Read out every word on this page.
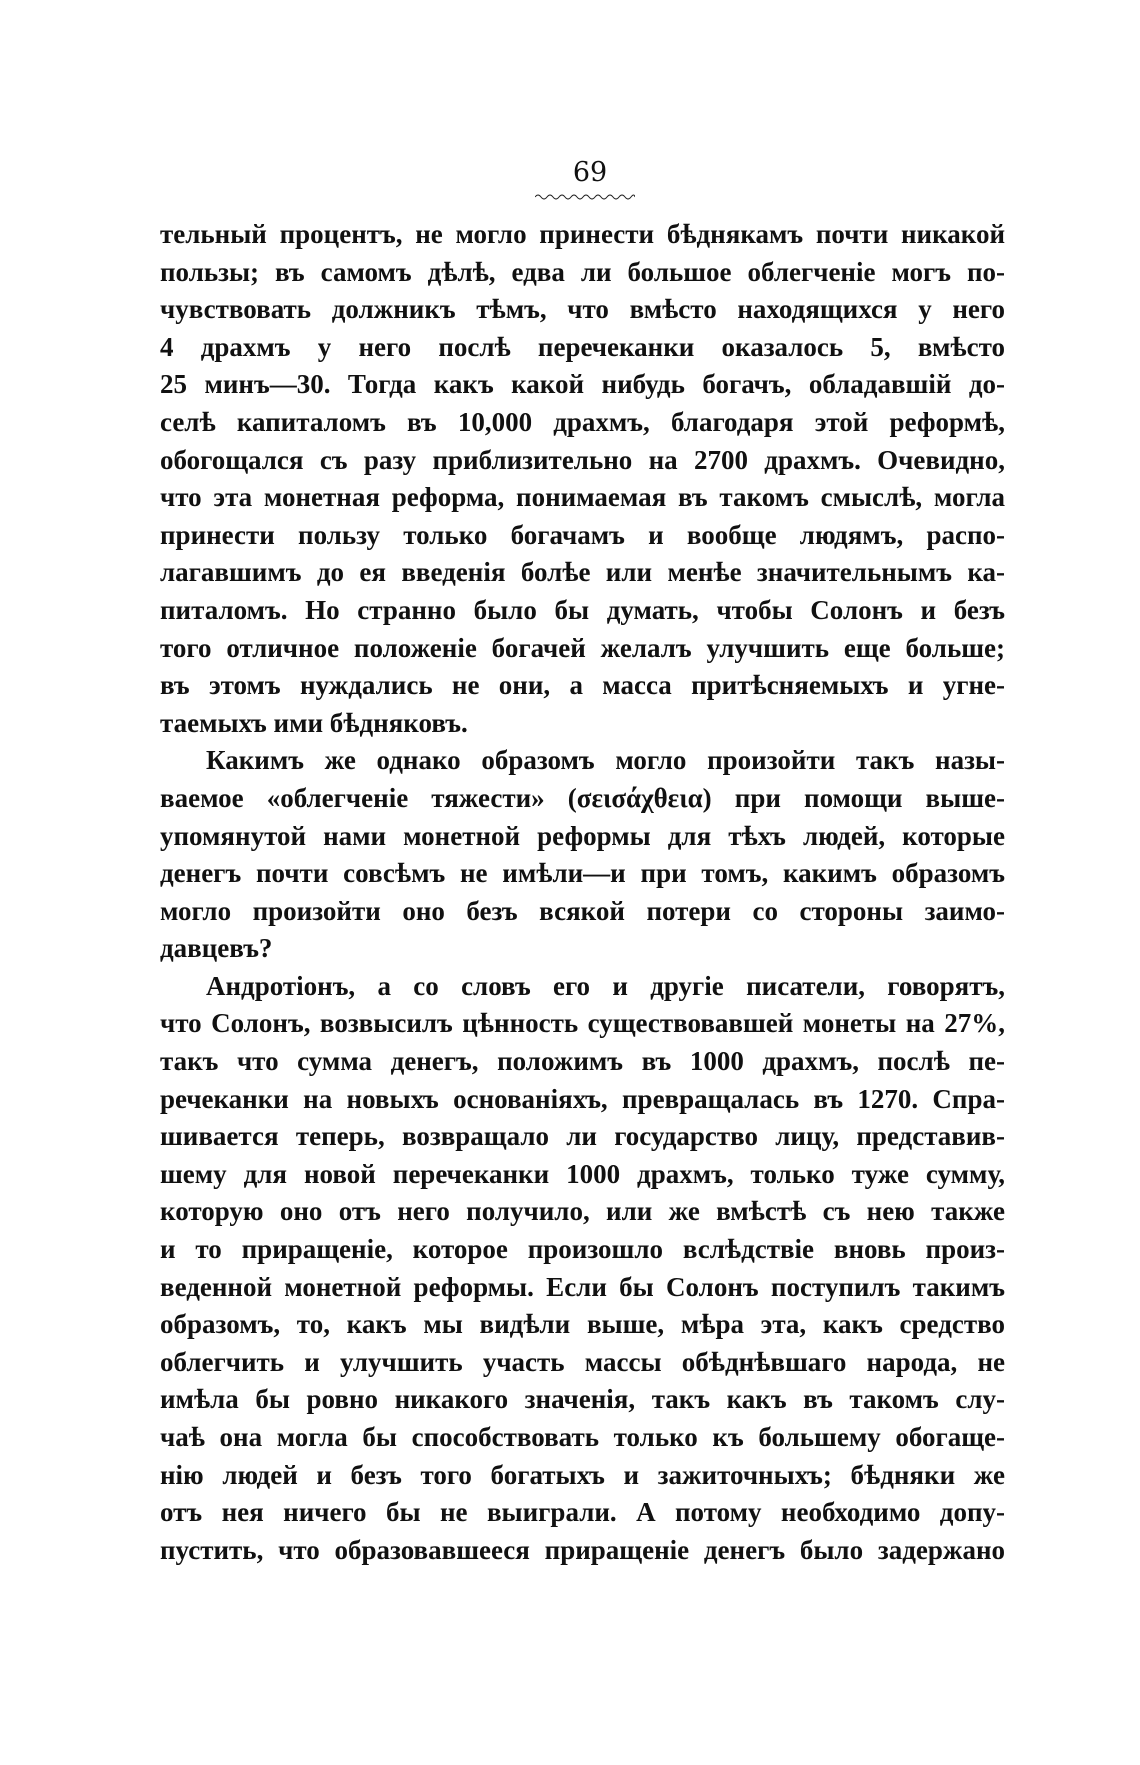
69
тельный процентъ, не могло принести бѣднякамъ почти никакой
пользы; въ самомъ дѣлѣ, едва ли большое облегченіе могъ по-
чувствовать должникъ тѣмъ, что вмѣсто находящихся у него
4 драхмъ у него послѣ перечеканки оказалось 5, вмѣсто
25 минъ—30. Тогда какъ какой нибудь богачъ, обладавшій до-
селѣ капиталомъ въ 10,000 драхмъ, благодаря этой реформѣ,
обогощался съ разу приблизительно на 2700 драхмъ. Очевидно,
что эта монетная реформа, понимаемая въ такомъ смыслѣ, могла
принести пользу только богачамъ и вообще людямъ, распо-
лагавшимъ до ея введенія болѣе или менѣе значительнымъ ка-
питаломъ. Но странно было бы думать, чтобы Солонъ и безъ
того отличное положеніе богачей желалъ улучшить еще больше;
въ этомъ нуждались не они, а масса притѣсняемыхъ и угне-
таемыхъ ими бѣдняковъ.
Какимъ же однако образомъ могло произойти такъ назы-
ваемое «облегченіе тяжести» (σεισάχθεια) при помощи выше-
упомянутой нами монетной реформы для тѣхъ людей, которые
денегъ почти совсѣмъ не имѣли—и при томъ, какимъ образомъ
могло произойти оно безъ всякой потери со стороны заимо-
давцевъ?
Андротіонъ, а со словъ его и другіе писатели, говорятъ,
что Солонъ, возвысилъ цѣнность существовавшей монеты на 27%,
такъ что сумма денегъ, положимъ въ 1000 драхмъ, послѣ пе-
речеканки на новыхъ основаніяхъ, превращалась въ 1270. Спра-
шивается теперь, возвращало ли государство лицу, представив-
шему для новой перечеканки 1000 драхмъ, только туже сумму,
которую оно отъ него получило, или же вмѣстѣ съ нею также
и то приращеніе, которое произошло вслѣдствіе вновь произ-
веденной монетной реформы. Если бы Солонъ поступилъ такимъ
образомъ, то, какъ мы видѣли выше, мѣра эта, какъ средство
облегчить и улучшить участь массы обѣднѣвшаго народа, не
имѣла бы ровно никакого значенія, такъ какъ въ такомъ слу-
чаѣ она могла бы способствовать только къ большему обогаще-
нію людей и безъ того богатыхъ и зажиточныхъ; бѣдняки же
отъ нея ничего бы не выиграли. А потому необходимо допу-
пустить, что образовавшееся приращеніе денегъ было задержано
